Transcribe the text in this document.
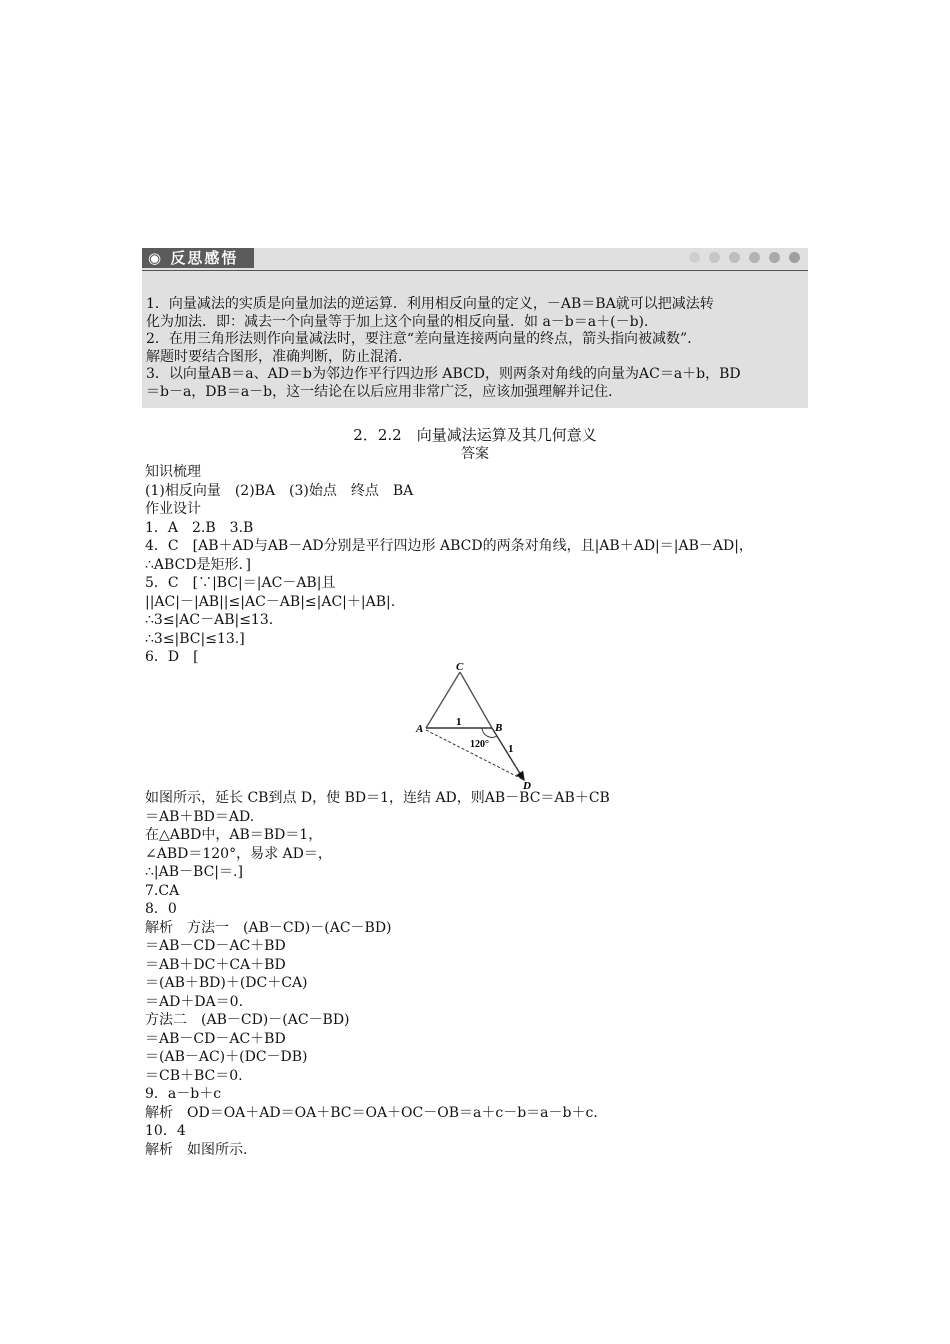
◉ 反思感悟

1．向量减法的实质是向量加法的逆运算．利用相反向量的定义，－AB＝BA就可以把减法转

化为加法．即：减去一个向量等于加上这个向量的相反向量．如 a－b＝a＋(－b)．

2．在用三角形法则作向量减法时，要注意“差向量连接两向量的终点，箭头指向被减数”．

解题时要结合图形，准确判断，防止混淆．

3．以向量AB＝a、AD＝b为邻边作平行四边形 ABCD，则两条对角线的向量为AC＝a＋b，BD

＝b－a，DB＝a－b，这一结论在以后应用非常广泛，应该加强理解并记住．

2．2.2　向量减法运算及其几何意义

答案

知识梳理

(1)相反向量　(2)BA　(3)始点　终点　BA

作业设计

1．A　2.B　3.B

4．C　[AB＋AD与AB－AD分别是平行四边形 ABCD的两条对角线，且|AB＋AD|＝|AB－AD|，

∴ABCD是矩形．]

5．C　[∵|BC|＝|AC－AB|且

||AC|－|AB||≤|AC－AB|≤|AC|＋|AB|.

∴3≤|AC－AB|≤13.

∴3≤|BC|≤13.]

6．D　[

C
A	B
D
1
1
120°

如图所示，延长 CB到点 D，使 BD＝1，连结 AD，则AB－BC＝AB＋CB

＝AB＋BD＝AD.

在△ABD中，AB＝BD＝1，

∠ABD＝120°，易求 AD＝，

∴|AB－BC|＝.]

7.CA

8．0

解析　方法一　(AB－CD)－(AC－BD)

＝AB－CD－AC＋BD

＝AB＋DC＋CA＋BD

＝(AB＋BD)＋(DC＋CA)

＝AD＋DA＝0.

方法二　(AB－CD)－(AC－BD)

＝AB－CD－AC＋BD

＝(AB－AC)＋(DC－DB)

＝CB＋BC＝0.

9．a－b＋c

解析　OD＝OA＋AD＝OA＋BC＝OA＋OC－OB＝a＋c－b＝a－b＋c.

10．4

解析　如图所示.
